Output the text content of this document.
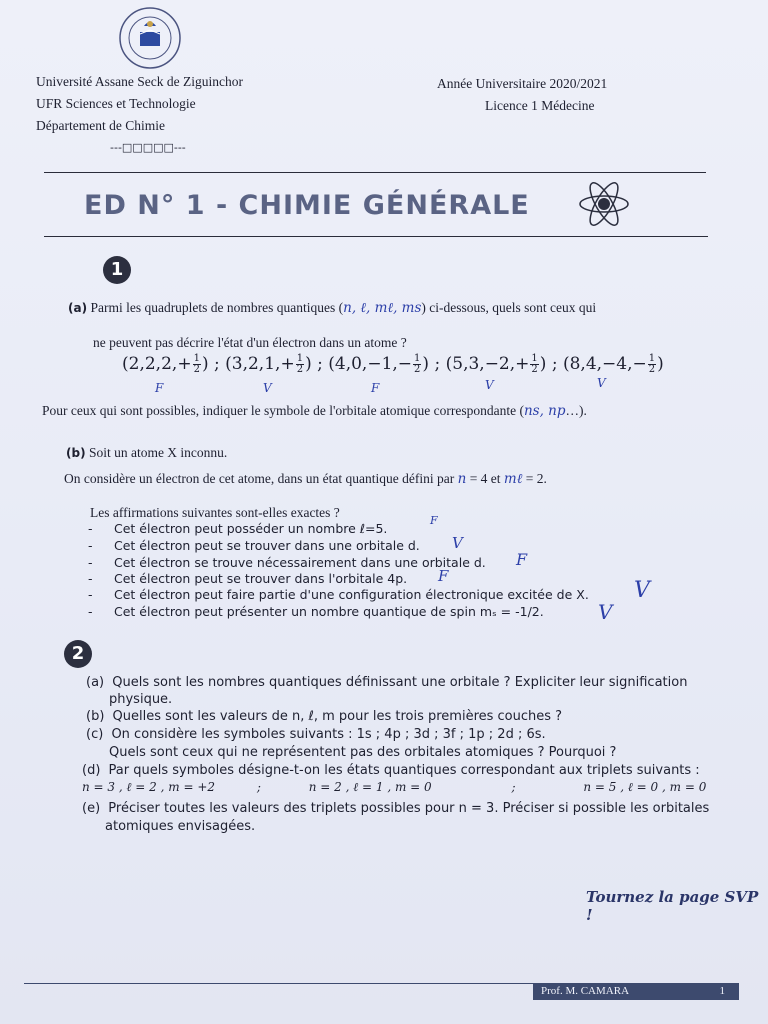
Université Assane Seck de Ziguinchor
UFR Sciences et Technologie
Département de Chimie
---□□□□□---
Année Universitaire 2020/2021
Licence 1 Médecine
ED N° 1 - CHIMIE GÉNÉRALE
1
(a) Parmi les quadruplets de nombres quantiques (n, ℓ, mℓ, ms) ci-dessous, quels sont ceux qui
ne peuvent pas décrire l'état d'un électron dans un atome ?
($2,2,2,+ \frac{1}{2}$ ) ; ($3,2,1,+ \frac{1}{2}$ ) ; ($4,0,-1,- \frac{1}{2}$ ) ; ($5,3,-2,+ \frac{1}{2}$ ) ; ($8,4,-4,- \frac{1}{2}$ )
F	V	F	V	V
Pour ceux qui sont possibles, indiquer le symbole de l'orbitale atomique correspondante (ns, np…).
(b) Soit un atome X inconnu.
On considère un électron de cet atome, dans un état quantique défini par n = 4 et mℓ = 2.
Les affirmations suivantes sont-elles exactes ?
- Cet électron peut posséder un nombre ℓ=5.
- Cet électron peut se trouver dans une orbitale d.
- Cet électron se trouve nécessairement dans une orbitale d.
- Cet électron peut se trouver dans l'orbitale 4p.
- Cet électron peut faire partie d'une configuration électronique excitée de X.
- Cet électron peut présenter un nombre quantique de spin mₛ = -1/2.
F
V
F
F
V
V
2
(a) Quels sont les nombres quantiques définissant une orbitale ? Expliciter leur signification
physique.
(b) Quelles sont les valeurs de n, ℓ, m pour les trois premières couches ?
(c) On considère les symboles suivants : 1s ; 4p ; 3d ; 3f ; 1p ; 2d ; 6s.
Quels sont ceux qui ne représentent pas des orbitales atomiques ? Pourquoi ?
(d) Par quels symboles désigne-t-on les états quantiques correspondant aux triplets suivants :
n = 3 , ℓ = 2 , m = +2	;	n = 2 , ℓ = 1 , m = 0	;	n = 5 , ℓ = 0 , m = 0
(e) Préciser toutes les valeurs des triplets possibles pour n = 3. Préciser si possible les orbitales
atomiques envisagées.
Tournez la page SVP !
Prof. M. CAMARA	1
